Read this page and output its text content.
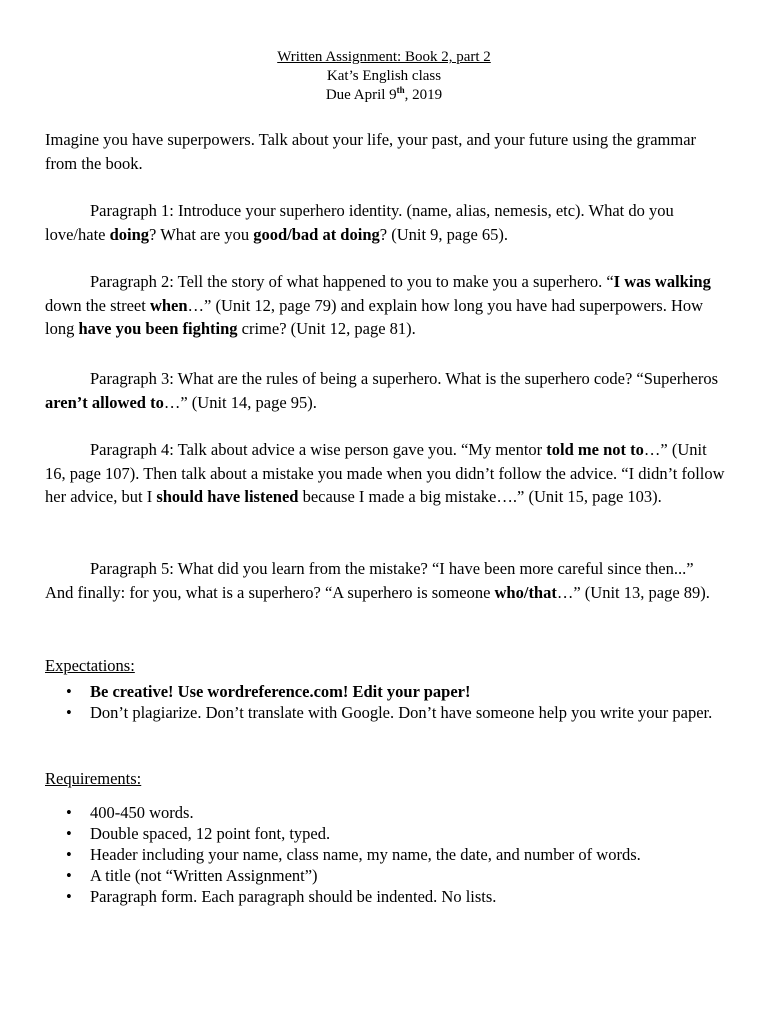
Written Assignment: Book 2, part 2
Kat’s English class
Due April 9th, 2019

Imagine you have superpowers. Talk about your life, your past, and your future using the grammar from the book.

Paragraph 1: Introduce your superhero identity. (name, alias, nemesis, etc). What do you love/hate doing? What are you good/bad at doing? (Unit 9, page 65).

Paragraph 2: Tell the story of what happened to you to make you a superhero. “I was walking down the street when…” (Unit 12, page 79) and explain how long you have had superpowers. How long have you been fighting crime? (Unit 12, page 81).

Paragraph 3: What are the rules of being a superhero. What is the superhero code? “Superheros aren’t allowed to…” (Unit 14, page 95).

Paragraph 4: Talk about advice a wise person gave you. “My mentor told me not to…” (Unit 16, page 107). Then talk about a mistake you made when you didn’t follow the advice. “I didn’t follow her advice, but I should have listened because I made a big mistake….” (Unit 15, page 103).

Paragraph 5: What did you learn from the mistake? “I have been more careful since then...” And finally: for you, what is a superhero? “A superhero is someone who/that…” (Unit 13, page 89).

Expectations:
• Be creative! Use wordreference.com! Edit your paper!
• Don’t plagiarize. Don’t translate with Google. Don’t have someone help you write your paper.
Requirements:
• 400-450 words.
• Double spaced, 12 point font, typed.
• Header including your name, class name, my name, the date, and number of words.
• A title (not “Written Assignment”)
• Paragraph form. Each paragraph should be indented. No lists.
